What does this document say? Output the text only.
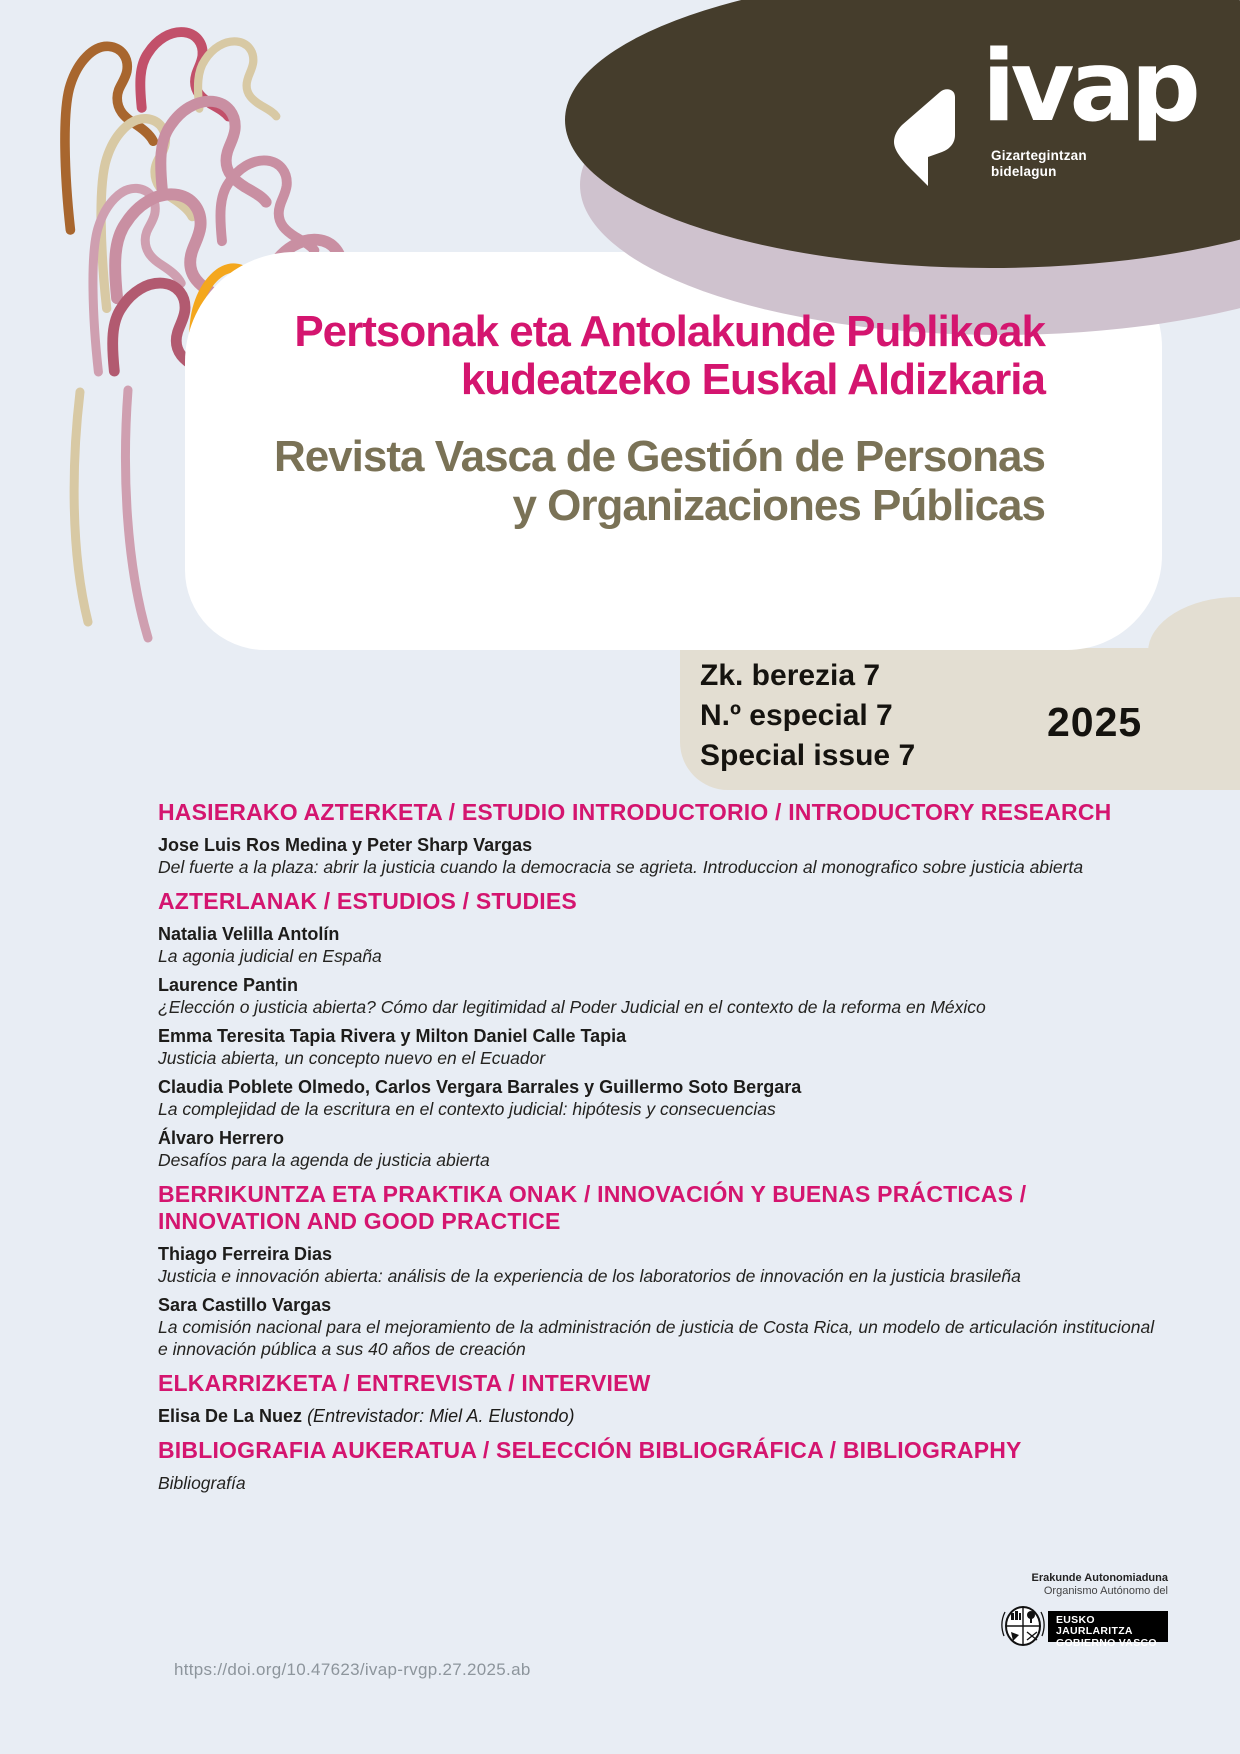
ivap
Gizartegintzan
bidelagun
Pertsonak eta Antolakunde Publikoak
kudeatzeko Euskal Aldizkaria
Revista Vasca de Gestión de Personas
y Organizaciones Públicas
Zk. berezia 7
N.º especial 7
Special issue 7
2025
HASIERAKO AZTERKETA / ESTUDIO INTRODUCTORIO / INTRODUCTORY RESEARCH
Jose Luis Ros Medina y Peter Sharp Vargas
Del fuerte a la plaza: abrir la justicia cuando la democracia se agrieta. Introduccion al monografico sobre justicia abierta
AZTERLANAK / ESTUDIOS / STUDIES
Natalia Velilla Antolín
La agonia judicial en España
Laurence Pantin
¿Elección o justicia abierta? Cómo dar legitimidad al Poder Judicial en el contexto de la reforma en México
Emma Teresita Tapia Rivera y Milton Daniel Calle Tapia
Justicia abierta, un concepto nuevo en el Ecuador
Claudia Poblete Olmedo, Carlos Vergara Barrales y Guillermo Soto Bergara
La complejidad de la escritura en el contexto judicial: hipótesis y consecuencias
Álvaro Herrero
Desafíos para la agenda de justicia abierta
BERRIKUNTZA ETA PRAKTIKA ONAK / INNOVACIÓN Y BUENAS PRÁCTICAS / INNOVATION AND GOOD PRACTICE
Thiago Ferreira Dias
Justicia e innovación abierta: análisis de la experiencia de los laboratorios de innovación en la justicia brasileña
Sara Castillo Vargas
La comisión nacional para el mejoramiento de la administración de justicia de Costa Rica, un modelo de articulación institucional e innovación pública a sus 40 años de creación
ELKARRIZKETA / ENTREVISTA / INTERVIEW
Elisa De La Nuez (Entrevistador: Miel A. Elustondo)
BIBLIOGRAFIA AUKERATUA / SELECCIÓN BIBLIOGRÁFICA / BIBLIOGRAPHY
Bibliografía
Erakunde Autonomiaduna
Organismo Autónomo del
EUSKO JAURLARITZA
GOBIERNO VASCO
https://doi.org/10.47623/ivap-rvgp.27.2025.ab
